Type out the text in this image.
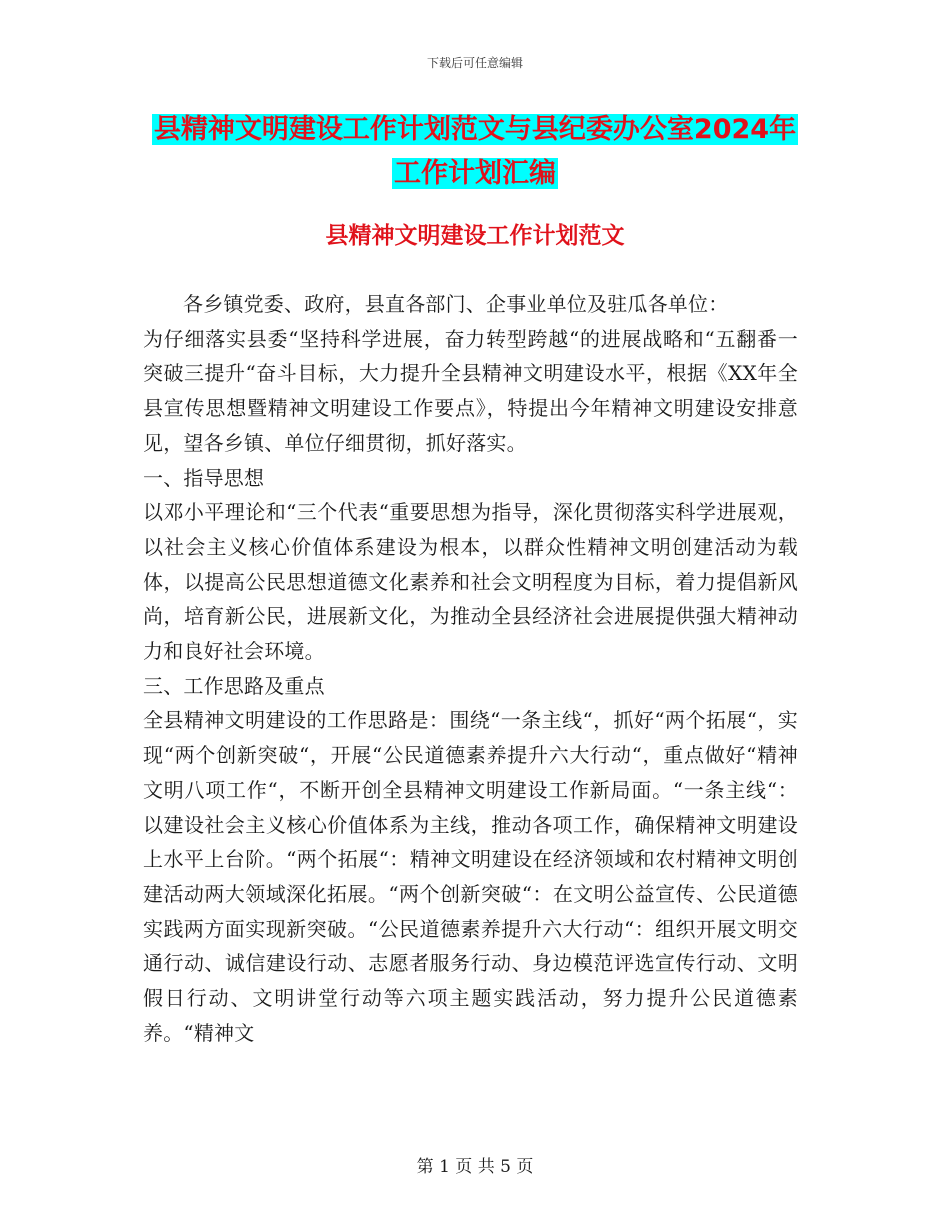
下载后可任意编辑
县精神文明建设工作计划范文与县纪委办公室2024年
工作计划汇编
县精神文明建设工作计划范文

各乡镇党委、政府，县直各部门、企事业单位及驻瓜各单位：

为仔细落实县委“坚持科学进展，奋力转型跨越“的进展战略和“五翻番一突破三提升“奋斗目标，大力提升全县精神文明建设水平，根据《XX年全县宣传思想暨精神文明建设工作要点》，特提出今年精神文明建设安排意见，望各乡镇、单位仔细贯彻，抓好落实。

一、指导思想

以邓小平理论和“三个代表“重要思想为指导，深化贯彻落实科学进展观，以社会主义核心价值体系建设为根本，以群众性精神文明创建活动为载体，以提高公民思想道德文化素养和社会文明程度为目标，着力提倡新风尚，培育新公民，进展新文化，为推动全县经济社会进展提供强大精神动力和良好社会环境。

三、工作思路及重点

全县精神文明建设的工作思路是：围绕“一条主线“，抓好“两个拓展“，实现“两个创新突破“，开展“公民道德素养提升六大行动“，重点做好“精神文明八项工作“，不断开创全县精神文明建设工作新局面。“一条主线“：以建设社会主义核心价值体系为主线，推动各项工作，确保精神文明建设上水平上台阶。“两个拓展“：精神文明建设在经济领域和农村精神文明创建活动两大领域深化拓展。“两个创新突破“：在文明公益宣传、公民道德实践两方面实现新突破。“公民道德素养提升六大行动“：组织开展文明交通行动、诚信建设行动、志愿者服务行动、身边模范评选宣传行动、文明假日行动、文明讲堂行动等六项主题实践活动，努力提升公民道德素养。“精神文

第 1 页 共 5 页
